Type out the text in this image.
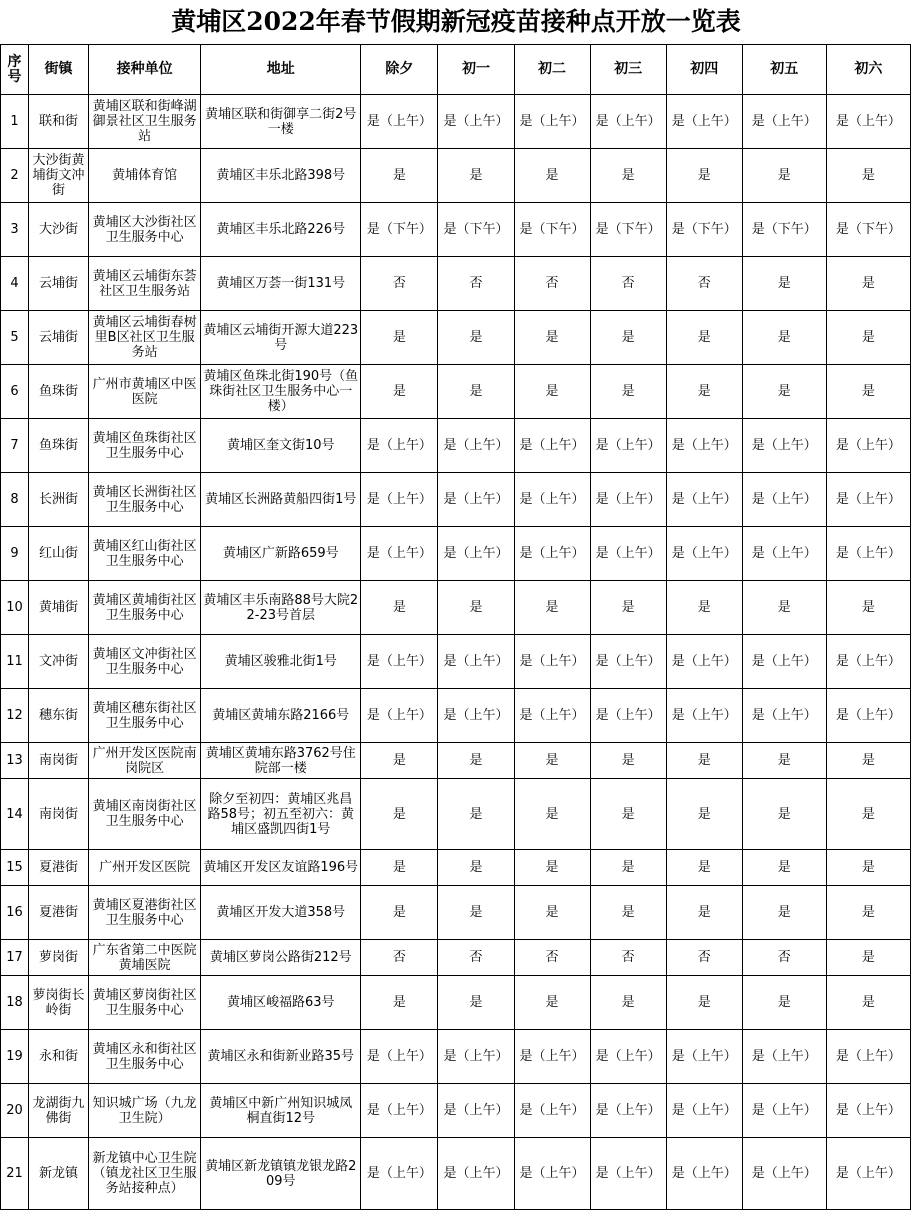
黄埔区2022年春节假期新冠疫苗接种点开放一览表
序号	街镇	接种单位	地址	除夕	初一	初二	初三	初四	初五	初六
1	联和街	黄埔区联和街峰湖御景社区卫生服务站	黄埔区联和街御享二街2号一楼	是（上午）	是（上午）	是（上午）	是（上午）	是（上午）	是（上午）	是（上午）
2	大沙街黄埔街文冲街	黄埔体育馆	黄埔区丰乐北路398号	是	是	是	是	是	是	是
3	大沙街	黄埔区大沙街社区卫生服务中心	黄埔区丰乐北路226号	是（下午）	是（下午）	是（下午）	是（下午）	是（下午）	是（下午）	是（下午）
4	云埔街	黄埔区云埔街东荟社区卫生服务站	黄埔区万荟一街131号	否	否	否	否	否	是	是
5	云埔街	黄埔区云埔街春树里B区社区卫生服务站	黄埔区云埔街开源大道223号	是	是	是	是	是	是	是
6	鱼珠街	广州市黄埔区中医医院	黄埔区鱼珠北街190号（鱼珠街社区卫生服务中心一楼）	是	是	是	是	是	是	是
7	鱼珠街	黄埔区鱼珠街社区卫生服务中心	黄埔区奎文街10号	是（上午）	是（上午）	是（上午）	是（上午）	是（上午）	是（上午）	是（上午）
8	长洲街	黄埔区长洲街社区卫生服务中心	黄埔区长洲路黄船四街1号	是（上午）	是（上午）	是（上午）	是（上午）	是（上午）	是（上午）	是（上午）
9	红山街	黄埔区红山街社区卫生服务中心	黄埔区广新路659号	是（上午）	是（上午）	是（上午）	是（上午）	是（上午）	是（上午）	是（上午）
10	黄埔街	黄埔区黄埔街社区卫生服务中心	黄埔区丰乐南路88号大院22-23号首层	是	是	是	是	是	是	是
11	文冲街	黄埔区文冲街社区卫生服务中心	黄埔区骏雅北街1号	是（上午）	是（上午）	是（上午）	是（上午）	是（上午）	是（上午）	是（上午）
12	穗东街	黄埔区穗东街社区卫生服务中心	黄埔区黄埔东路2166号	是（上午）	是（上午）	是（上午）	是（上午）	是（上午）	是（上午）	是（上午）
13	南岗街	广州开发区医院南岗院区	黄埔区黄埔东路3762号住院部一楼	是	是	是	是	是	是	是
14	南岗街	黄埔区南岗街社区卫生服务中心	除夕至初四：黄埔区兆昌路58号；初五至初六：黄埔区盛凯四街1号	是	是	是	是	是	是	是
15	夏港街	广州开发区医院	黄埔区开发区友谊路196号	是	是	是	是	是	是	是
16	夏港街	黄埔区夏港街社区卫生服务中心	黄埔区开发大道358号	是	是	是	是	是	是	是
17	萝岗街	广东省第二中医院黄埔医院	黄埔区萝岗公路街212号	否	否	否	否	否	否	是
18	萝岗街长岭街	黄埔区萝岗街社区卫生服务中心	黄埔区峻福路63号	是	是	是	是	是	是	是
19	永和街	黄埔区永和街社区卫生服务中心	黄埔区永和街新业路35号	是（上午）	是（上午）	是（上午）	是（上午）	是（上午）	是（上午）	是（上午）
20	龙湖街九佛街	知识城广场（九龙卫生院）	黄埔区中新广州知识城凤桐直街12号	是（上午）	是（上午）	是（上午）	是（上午）	是（上午）	是（上午）	是（上午）
21	新龙镇	新龙镇中心卫生院（镇龙社区卫生服务站接种点）	黄埔区新龙镇镇龙银龙路209号	是（上午）	是（上午）	是（上午）	是（上午）	是（上午）	是（上午）	是（上午）
